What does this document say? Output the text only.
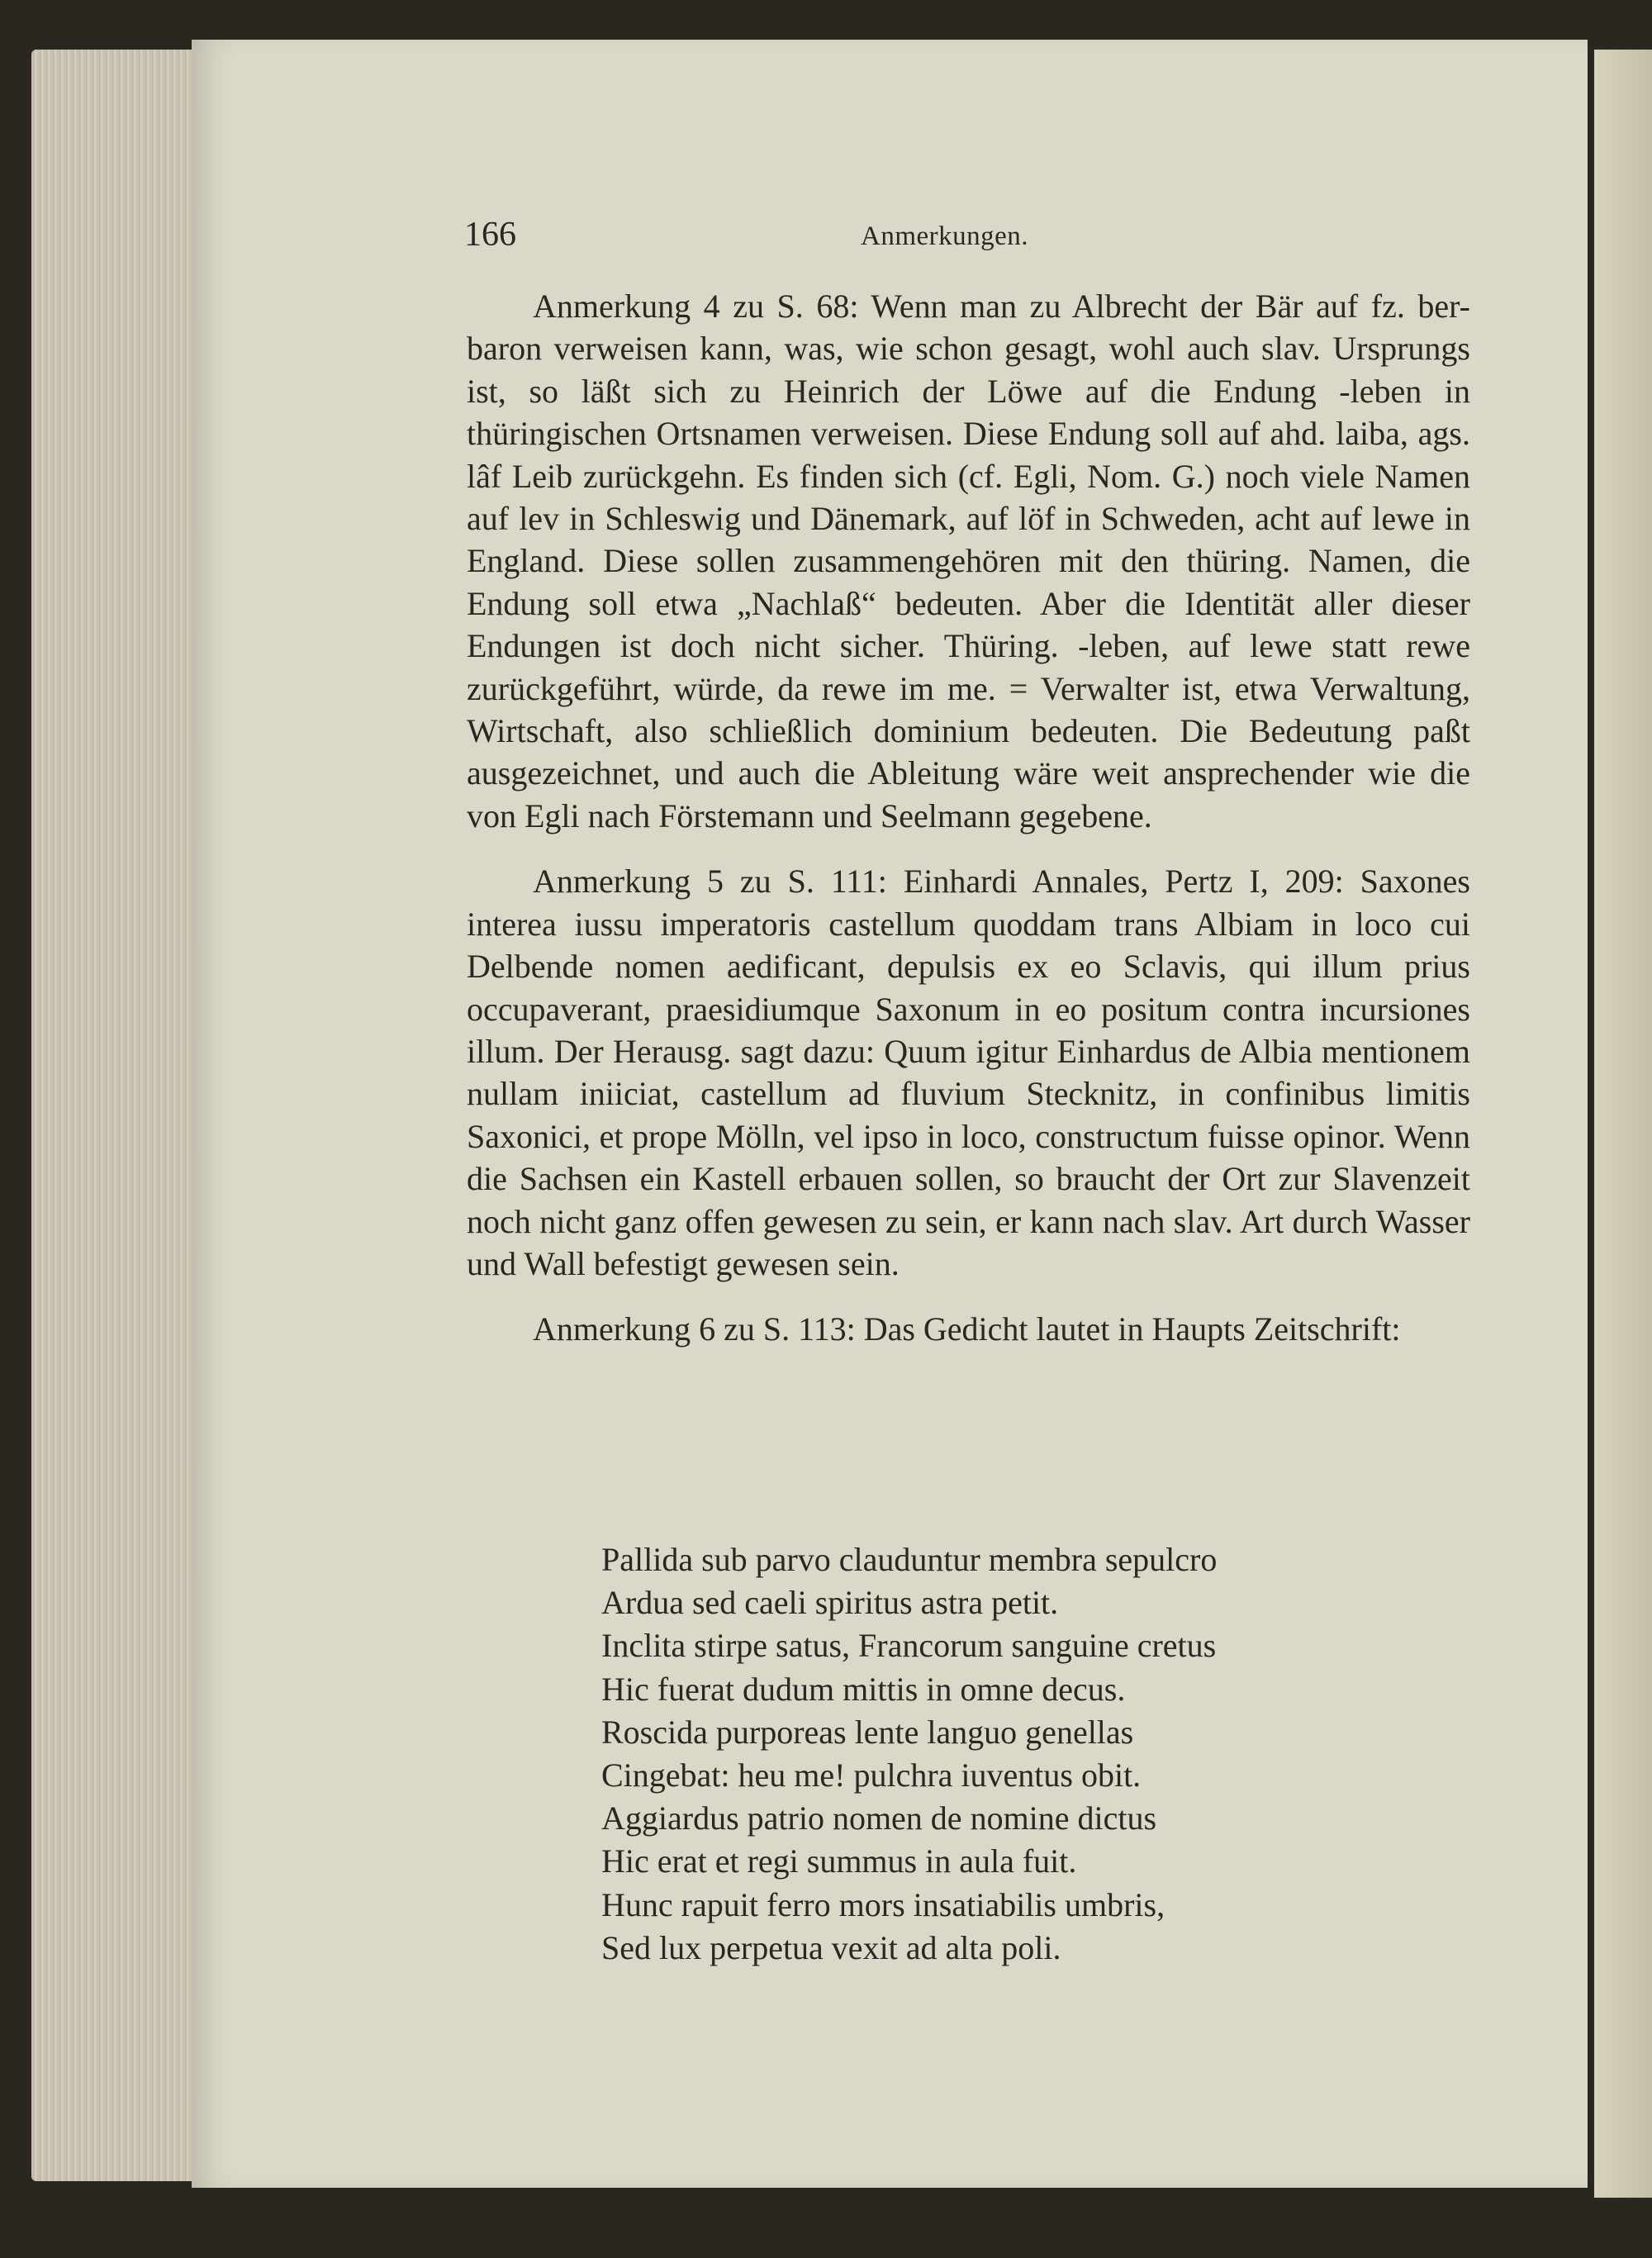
166	Anmerkungen.

Anmerkung 4 zu S. 68: Wenn man zu Albrecht der Bär auf fz. ber-baron verweisen kann, was, wie schon gesagt, wohl auch slav. Ursprungs ist, so läßt sich zu Heinrich der Löwe auf die Endung -leben in thüringischen Ortsnamen verweisen. Diese Endung soll auf ahd. laiba, ags. lâf Leib zurückgehn. Es finden sich (cf. Egli, Nom. G.) noch viele Namen auf lev in Schleswig und Dänemark, auf löf in Schweden, acht auf lewe in England. Diese sollen zusammengehören mit den thüring. Namen, die Endung soll etwa „Nachlaß“ bedeuten. Aber die Identität aller dieser Endungen ist doch nicht sicher. Thüring. -leben, auf lewe statt rewe zurückgeführt, würde, da rewe im me. = Verwalter ist, etwa Verwaltung, Wirtschaft, also schließlich dominium bedeuten. Die Bedeutung paßt ausgezeichnet, und auch die Ableitung wäre weit ansprechender wie die von Egli nach Förstemann und Seelmann gegebene.

Anmerkung 5 zu S. 111: Einhardi Annales, Pertz I, 209: Saxones interea iussu imperatoris castellum quoddam trans Albiam in loco cui Delbende nomen aedificant, depulsis ex eo Sclavis, qui illum prius occupaverant, praesidiumque Saxonum in eo positum contra incursiones illum. Der Herausg. sagt dazu: Quum igitur Einhardus de Albia mentionem nullam iniiciat, castellum ad fluvium Stecknitz, in confinibus limitis Saxonici, et prope Mölln, vel ipso in loco, constructum fuisse opinor. Wenn die Sachsen ein Kastell erbauen sollen, so braucht der Ort zur Slavenzeit noch nicht ganz offen gewesen zu sein, er kann nach slav. Art durch Wasser und Wall befestigt gewesen sein.

Anmerkung 6 zu S. 113: Das Gedicht lautet in Haupts Zeitschrift:

Pallida sub parvo clauduntur membra sepulcro
Ardua sed caeli spiritus astra petit.
Inclita stirpe satus, Francorum sanguine cretus
Hic fuerat dudum mittis in omne decus.
Roscida purporeas lente languo genellas
Cingebat: heu me! pulchra iuventus obit.
Aggiardus patrio nomen de nomine dictus
Hic erat et regi summus in aula fuit.
Hunc rapuit ferro mors insatiabilis umbris,
Sed lux perpetua vexit ad alta poli.
